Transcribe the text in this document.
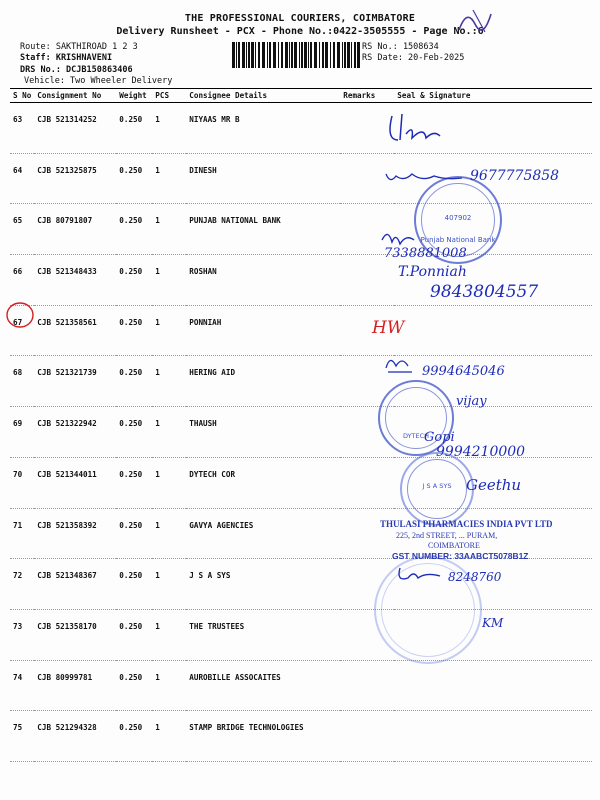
THE PROFESSIONAL COURIERS, COIMBATORE
Delivery Runsheet - PCX - Phone No.:0422-3505555 - Page No.:6
Route: SAKTHIROAD 1 2 3
Staff: KRISHNAVENI
DRS No.: DCJB150863406
Vehicle: Two Wheeler Delivery
RS No.: 1508634
RS Date: 20-Feb-2025
S No	Consignment No	Weight	PCS	Consignee Details	Remarks	Seal & Signature
63	CJB 521314252	0.250	1	NIYAAS MR B		
64	CJB 521325875	0.250	1	DINESH		
65	CJB 80791807	0.250	1	PUNJAB NATIONAL BANK		
66	CJB 521348433	0.250	1	ROSHAN		
67	CJB 521358561	0.250	1	PONNIAH		
68	CJB 521321739	0.250	1	HERING AID		
69	CJB 521322942	0.250	1	THAUSH		
70	CJB 521344011	0.250	1	DYTECH COR		
71	CJB 521358392	0.250	1	GAVYA AGENCIES		
72	CJB 521348367	0.250	1	J S A SYS		
73	CJB 521358170	0.250	1	THE TRUSTEES		
74	CJB 80999781	0.250	1	AUROBILLE ASSOCAITES		
75	CJB 521294328	0.250	1	STAMP BRIDGE TECHNOLOGIES		
Punjab National Bank
407902
DYTECH
J S A SYS
THULASI PHARMACIES INDIA PVT LTD
225, 2nd STREET, ... PURAM,
COIMBATORE
GST NUMBER: 33AABCT5078B1Z
9677775858
7338881008
T.Ponniah
9843804557
HW
9994645046
vijay
Gopi
9994210000
Geethu
8248760
KM
